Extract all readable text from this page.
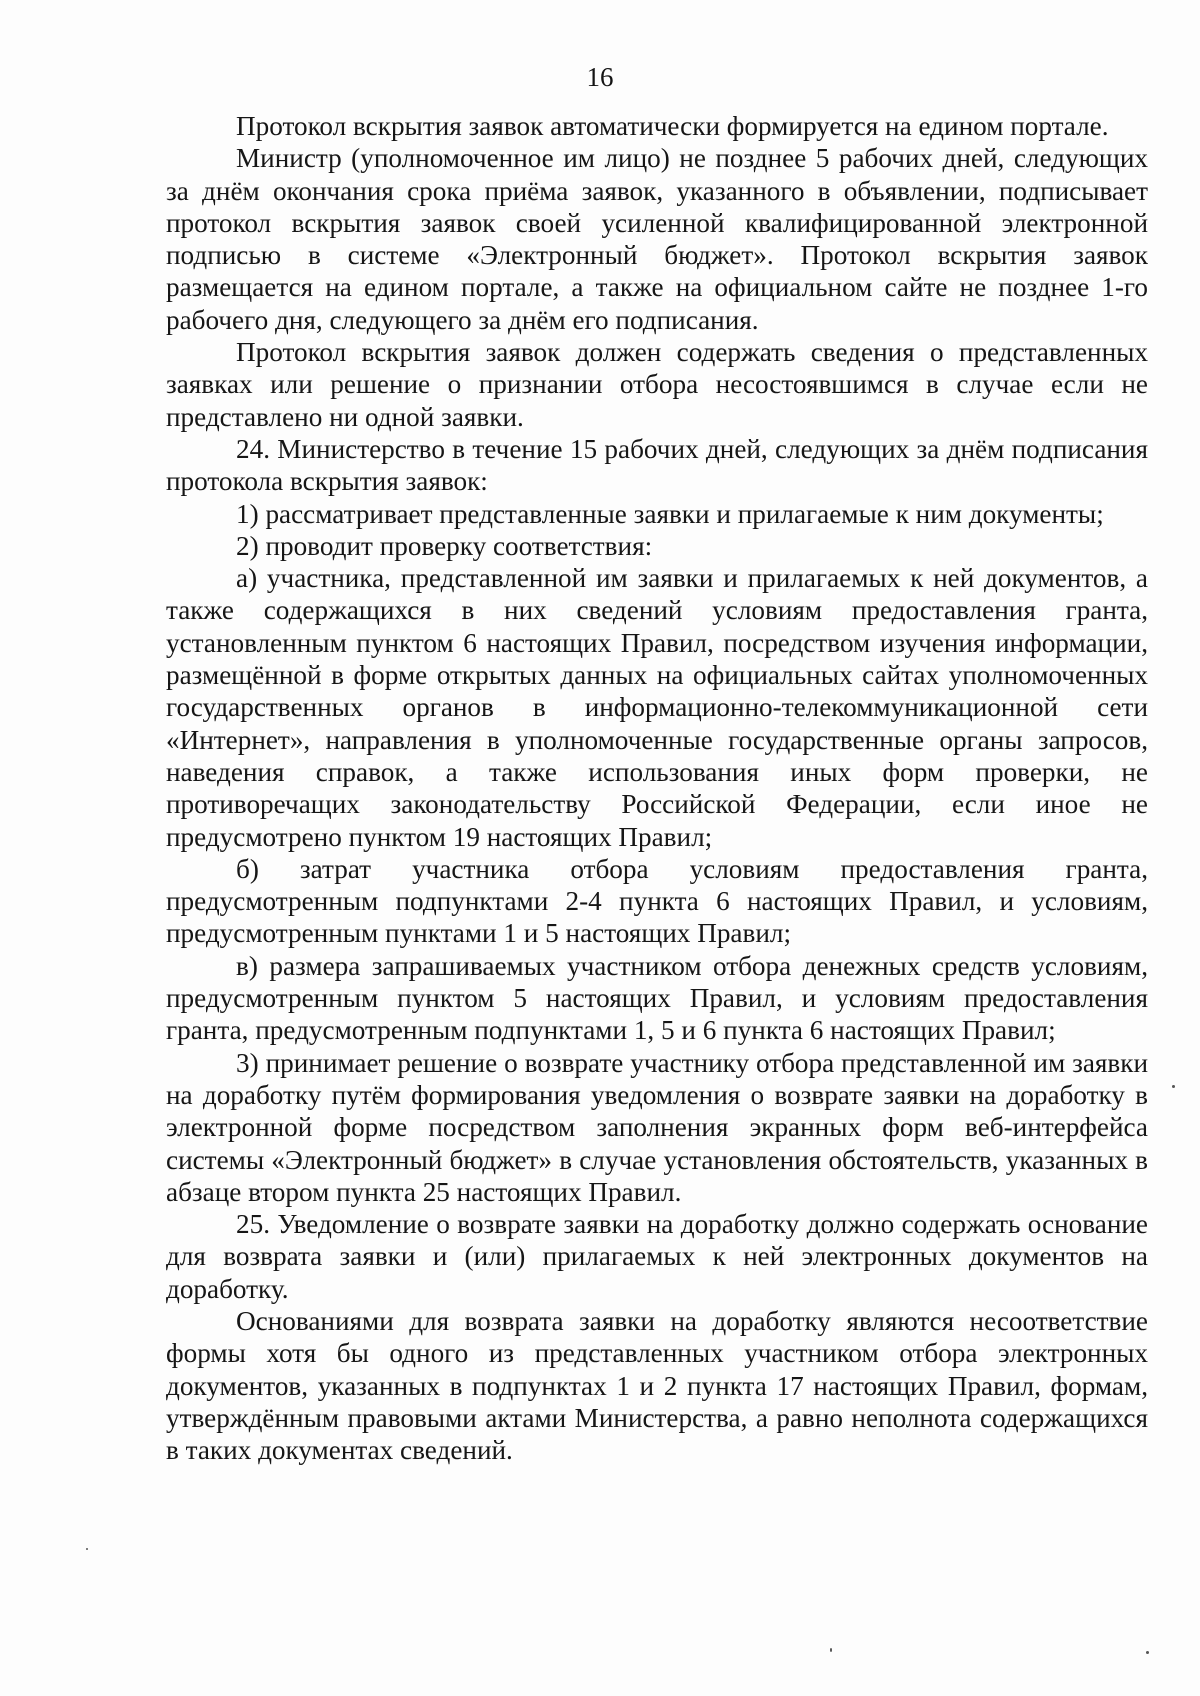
16

Протокол вскрытия заявок автоматически формируется на едином портале.

Министр (уполномоченное им лицо) не позднее 5 рабочих дней, следующих за днём окончания срока приёма заявок, указанного в объявлении, подписывает протокол вскрытия заявок своей усиленной квалифицированной электронной подписью в системе «Электронный бюджет». Протокол вскрытия заявок размещается на едином портале, а также на официальном сайте не позднее 1-го рабочего дня, следующего за днём его подписания.

Протокол вскрытия заявок должен содержать сведения о представленных заявках или решение о признании отбора несостоявшимся в случае если не представлено ни одной заявки.

24. Министерство в течение 15 рабочих дней, следующих за днём подписания протокола вскрытия заявок:

1) рассматривает представленные заявки и прилагаемые к ним документы;

2) проводит проверку соответствия:

а) участника, представленной им заявки и прилагаемых к ней документов, а также содержащихся в них сведений условиям предоставления гранта, установленным пунктом 6 настоящих Правил, посредством изучения информации, размещённой в форме открытых данных на официальных сайтах уполномоченных государственных органов в информационно-телекоммуникационной сети «Интернет», направления в уполномоченные государственные органы запросов, наведения справок, а также использования иных форм проверки, не противоречащих законодательству Российской Федерации, если иное не предусмотрено пунктом 19 настоящих Правил;

б) затрат участника отбора условиям предоставления гранта, предусмотренным подпунктами 2-4 пункта 6 настоящих Правил, и условиям, предусмотренным пунктами 1 и 5 настоящих Правил;

в) размера запрашиваемых участником отбора денежных средств условиям, предусмотренным пунктом 5 настоящих Правил, и условиям предоставления гранта, предусмотренным подпунктами 1, 5 и 6 пункта 6 настоящих Правил;

3) принимает решение о возврате участнику отбора представленной им заявки на доработку путём формирования уведомления о возврате заявки на доработку в электронной форме посредством заполнения экранных форм веб-интерфейса системы «Электронный бюджет» в случае установления обстоятельств, указанных в абзаце втором пункта 25 настоящих Правил.

25. Уведомление о возврате заявки на доработку должно содержать основание для возврата заявки и (или) прилагаемых к ней электронных документов на доработку.

Основаниями для возврата заявки на доработку являются несоответствие формы хотя бы одного из представленных участником отбора электронных документов, указанных в подпунктах 1 и 2 пункта 17 настоящих Правил, формам, утверждённым правовыми актами Министерства, а равно неполнота содержащихся в таких документах сведений.
